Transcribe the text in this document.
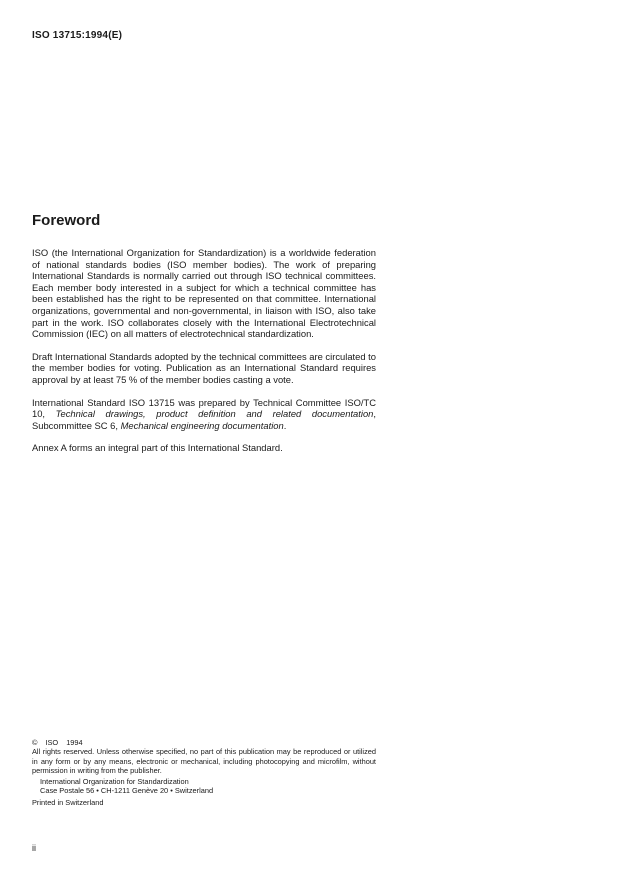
ISO 13715:1994(E)
Foreword

ISO (the International Organization for Standardization) is a worldwide federation of national standards bodies (ISO member bodies). The work of preparing International Standards is normally carried out through ISO technical committees. Each member body interested in a subject for which a technical committee has been established has the right to be represented on that committee. International organizations, governmental and non-governmental, in liaison with ISO, also take part in the work. ISO collaborates closely with the International Electrotechnical Commission (IEC) on all matters of electrotechnical standardization.

Draft International Standards adopted by the technical committees are circulated to the member bodies for voting. Publication as an International Standard requires approval by at least 75 % of the member bodies casting a vote.

International Standard ISO 13715 was prepared by Technical Committee ISO/TC 10, Technical drawings, product definition and related documentation, Subcommittee SC 6, Mechanical engineering documentation.

Annex A forms an integral part of this International Standard.

© ISO 1994

All rights reserved. Unless otherwise specified, no part of this publication may be reproduced or utilized in any form or by any means, electronic or mechanical, including photocopying and microfilm, without permission in writing from the publisher.

International Organization for Standardization

Case Postale 56 • CH-1211 Genève 20 • Switzerland

Printed in Switzerland

ii
